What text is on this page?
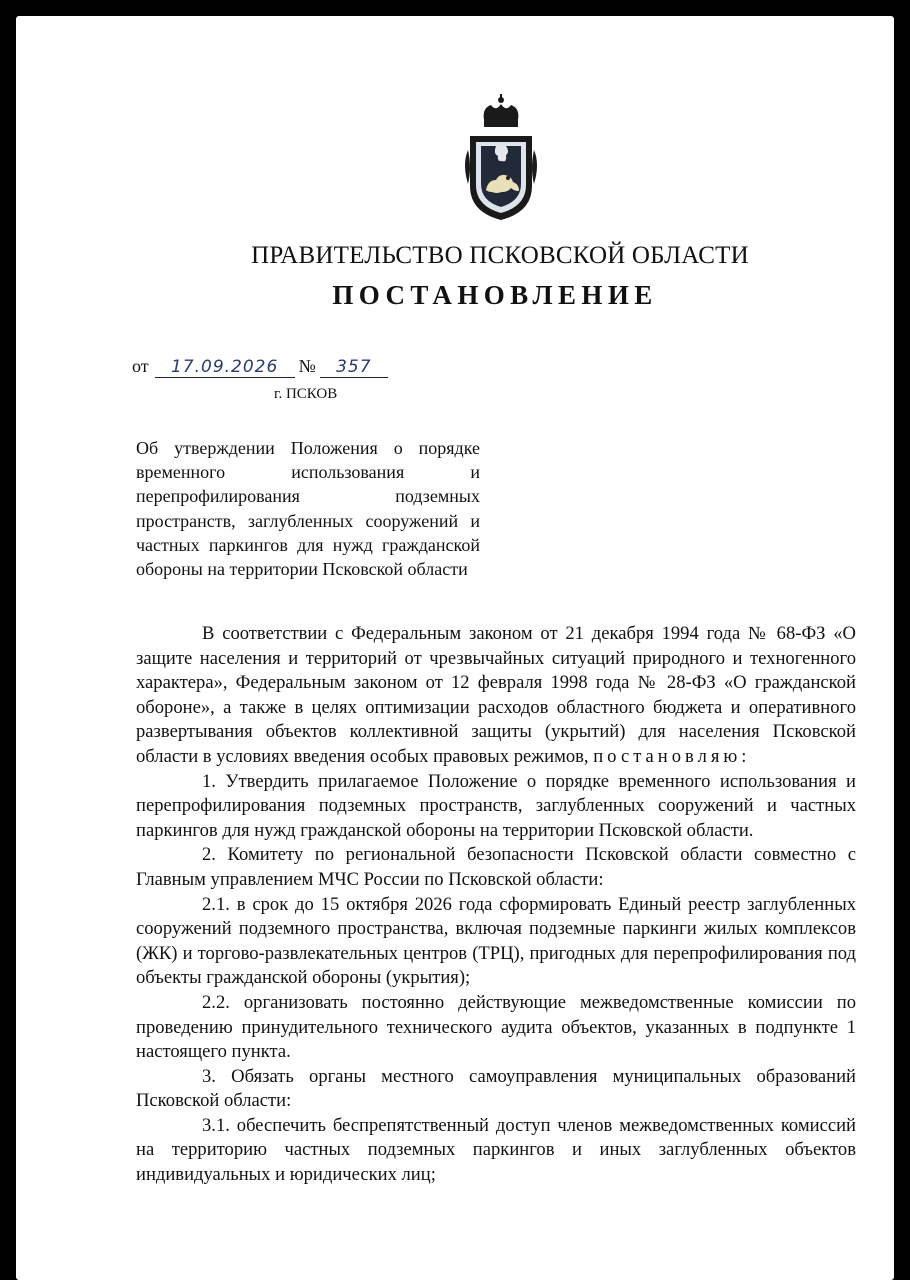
ПРАВИТЕЛЬСТВО ПСКОВСКОЙ ОБЛАСТИ
ПОСТАНОВЛЕНИЕ
от 17.09.2026 № 357
г. ПСКОВ

Об утверждении Положения о порядке временного использования и перепрофилирования подземных пространств, заглубленных сооружений и частных паркингов для нужд гражданской обороны на территории Псковской области

В соответствии с Федеральным законом от 21 декабря 1994 года № 68-ФЗ «О защите населения и территорий от чрезвычайных ситуаций природного и техногенного характера», Федеральным законом от 12 февраля 1998 года № 28-ФЗ «О гражданской обороне», а также в целях оптимизации расходов областного бюджета и оперативного развертывания объектов коллективной защиты (укрытий) для населения Псковской области в условиях введения особых правовых режимов, постановляю:

1. Утвердить прилагаемое Положение о порядке временного использования и перепрофилирования подземных пространств, заглубленных сооружений и частных паркингов для нужд гражданской обороны на территории Псковской области.

2. Комитету по региональной безопасности Псковской области совместно с Главным управлением МЧС России по Псковской области:

2.1. в срок до 15 октября 2026 года сформировать Единый реестр заглубленных сооружений подземного пространства, включая подземные паркинги жилых комплексов (ЖК) и торгово-развлекательных центров (ТРЦ), пригодных для перепрофилирования под объекты гражданской обороны (укрытия);

2.2. организовать постоянно действующие межведомственные комиссии по проведению принудительного технического аудита объектов, указанных в подпункте 1 настоящего пункта.

3. Обязать органы местного самоуправления муниципальных образований Псковской области:

3.1. обеспечить беспрепятственный доступ членов межведомственных комиссий на территорию частных подземных паркингов и иных заглубленных объектов индивидуальных и юридических лиц;
